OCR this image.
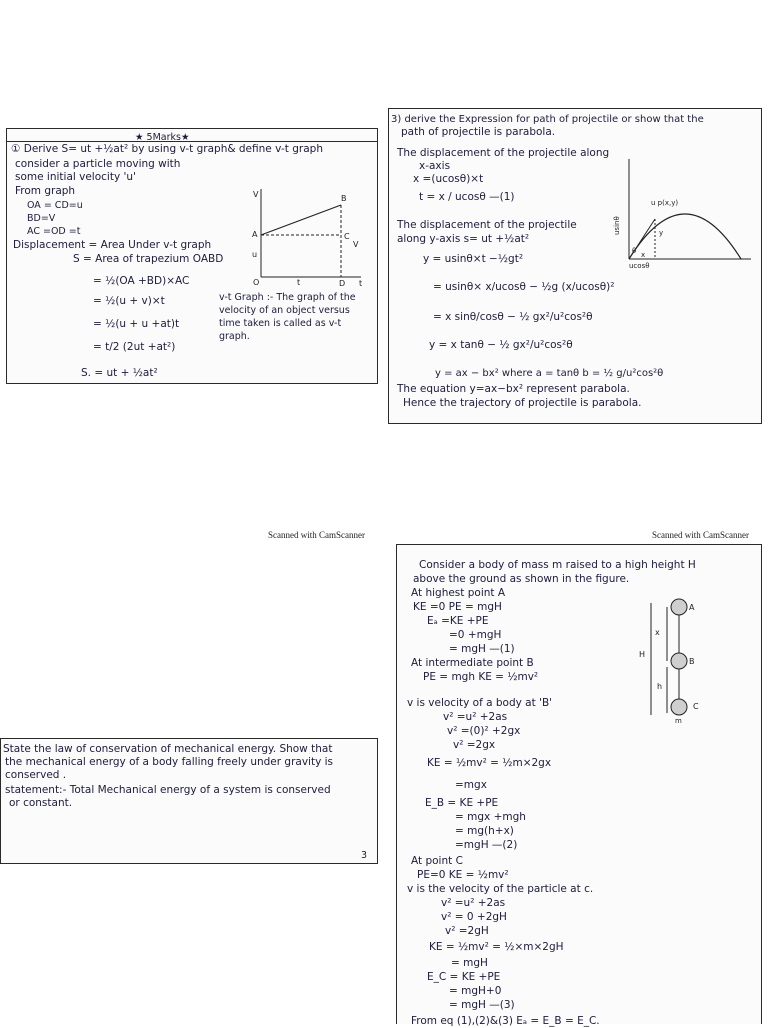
★ 5Marks★
① Derive S= ut +½at² by using v-t graph& define v-t graph
consider a particle moving with
some initial velocity 'u'
From graph
OA = CD=u
BD=V
AC =OD =t
Displacement = Area Under v-t graph
S = Area of trapezium OABD
= ½(OA +BD)×AC
= ½(u + v)×t
= ½(u + u +at)t
= t/2 (2ut +at²)
S. = ut + ½at²
v-t Graph :- The graph of the velocity of an object versus time taken is called as v-t graph.
V	B
A	C
u
V
O	t	D t
3) derive the Expression for path of projectile or show that the
path of projectile is parabola.
The displacement of the projectile along
x-axis
x =(ucosθ)×t
t = x / ucosθ —(1)
The displacement of the projectile
along y-axis s= ut +½at²
y = usinθ×t −½gt²
= usinθ× x/ucosθ − ½g (x/ucosθ)²
= x sinθ/cosθ − ½ gx²/u²cos²θ
y = x tanθ − ½ gx²/u²cos²θ
y = ax − bx² where a = tanθ b = ½ g/u²cos²θ
The equation y=ax−bx² represent parabola.
Hence the trajectory of projectile is parabola.
usinθ
u p(x,y)
y
x
ucosθ
θ
Scanned with CamScanner	Scanned with CamScanner
State the law of conservation of mechanical energy. Show that
the mechanical energy of a body falling freely under gravity is
conserved .
statement:- Total Mechanical energy of a system is conserved
or constant.
3
Consider a body of mass m raised to a high height H
above the ground as shown in the figure.
At highest point A
KE =0 PE = mgH
Eₐ =KE +PE
=0 +mgH
= mgH —(1)
At intermediate point B
PE = mgh KE = ½mv²
v is velocity of a body at 'B'
v² =u² +2as
v² =(0)² +2gx
v² =2gx
KE = ½mv² = ½m×2gx
=mgx
E_B = KE +PE
= mgx +mgh
= mg(h+x)
=mgH —(2)
At point C
PE=0 KE = ½mv²
v is the velocity of the particle at c.
v² =u² +2as
v² = 0 +2gH
v² =2gH
KE = ½mv² = ½×m×2gH
= mgH
E_C = KE +PE
= mgH+0
= mgH —(3)
From eq (1),(2)&(3) Eₐ = E_B = E_C.
A
B
C
x
H
h
m
